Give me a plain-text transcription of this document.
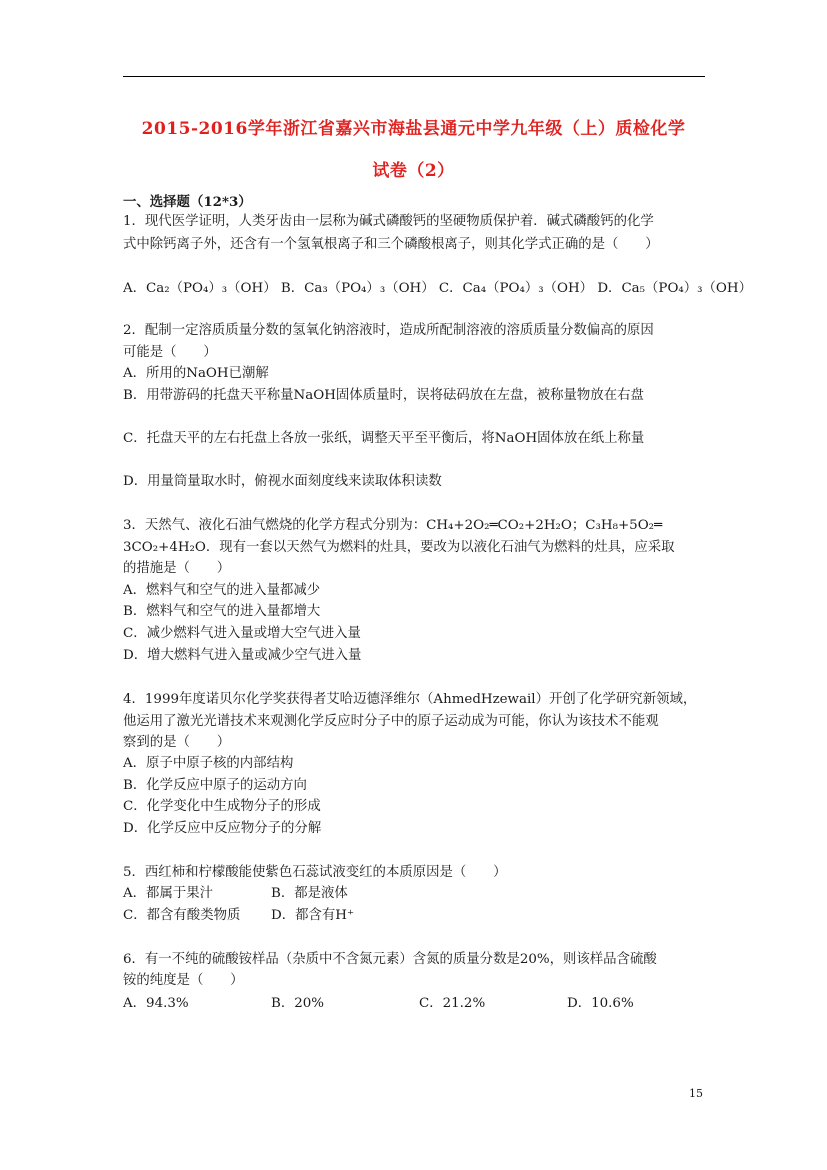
2015-2016学年浙江省嘉兴市海盐县通元中学九年级（上）质检化学
试卷（2）
一、选择题（12*3）
1．现代医学证明，人类牙齿由一层称为碱式磷酸钙的坚硬物质保护着．碱式磷酸钙的化学
式中除钙离子外，还含有一个氢氧根离子和三个磷酸根离子，则其化学式正确的是（　　）
A．Ca₂（PO₄）₃（OH） B．Ca₃（PO₄）₃（OH） C．Ca₄（PO₄）₃（OH） D．Ca₅（PO₄）₃（OH）
2．配制一定溶质质量分数的氢氧化钠溶液时，造成所配制溶液的溶质质量分数偏高的原因
可能是（　　）
A．所用的NaOH已潮解
B．用带游码的托盘天平称量NaOH固体质量时，误将砝码放在左盘，被称量物放在右盘
C．托盘天平的左右托盘上各放一张纸，调整天平至平衡后，将NaOH固体放在纸上称量
D．用量筒量取水时，俯视水面刻度线来读取体积读数
3．天然气、液化石油气燃烧的化学方程式分别为：CH₄+2O₂═CO₂+2H₂O；C₃H₈+5O₂═
3CO₂+4H₂O．现有一套以天然气为燃料的灶具，要改为以液化石油气为燃料的灶具，应采取
的措施是（　　）
A．燃料气和空气的进入量都减少
B．燃料气和空气的进入量都增大
C．减少燃料气进入量或增大空气进入量
D．增大燃料气进入量或减少空气进入量
4．1999年度诺贝尔化学奖获得者艾哈迈德泽维尔（AhmedHzewail）开创了化学研究新领域，
他运用了激光光谱技术来观测化学反应时分子中的原子运动成为可能，你认为该技术不能观
察到的是（　　）
A．原子中原子核的内部结构
B．化学反应中原子的运动方向
C．化学变化中生成物分子的形成
D．化学反应中反应物分子的分解
5．西红柿和柠檬酸能使紫色石蕊试液变红的本质原因是（　　）
A．都属于果汁	B．都是液体
C．都含有酸类物质 D．都含有H⁺
6．有一不纯的硫酸铵样品（杂质中不含氮元素）含氮的质量分数是20%，则该样品含硫酸
铵的纯度是（　　）
A．94.3%	B．20%	C．21.2%	D．10.6%
15
